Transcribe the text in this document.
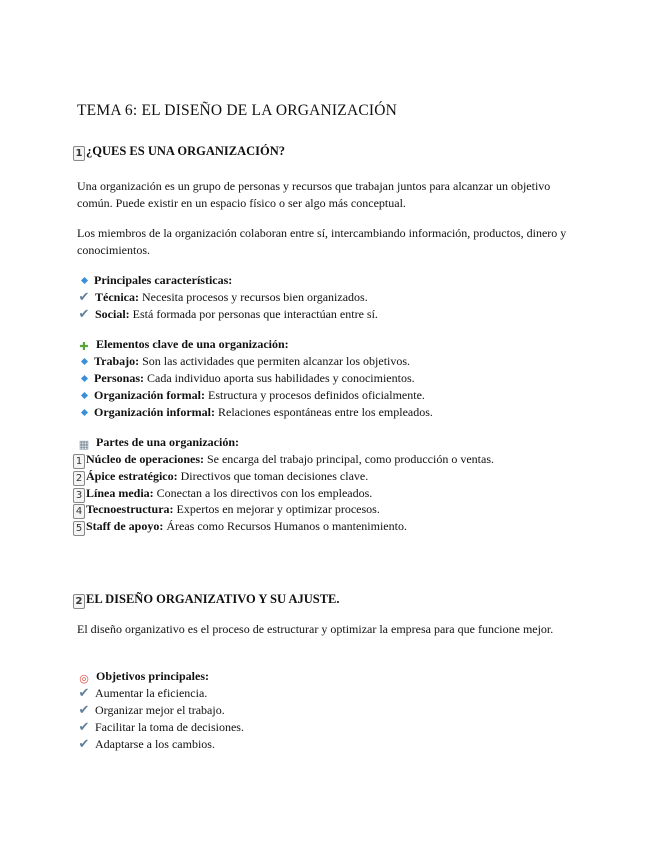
TEMA 6: EL DISEÑO DE LA ORGANIZACIÓN
1 ¿QUES ES UNA ORGANIZACIÓN?
Una organización es un grupo de personas y recursos que trabajan juntos para alcanzar un objetivo común. Puede existir en un espacio físico o ser algo más conceptual.
Los miembros de la organización colaboran entre sí, intercambiando información, productos, dinero y conocimientos.
Principales características:
✔ Técnica: Necesita procesos y recursos bien organizados.
✔ Social: Está formada por personas que interactúan entre sí.
✚ Elementos clave de una organización:
Trabajo: Son las actividades que permiten alcanzar los objetivos.
Personas: Cada individuo aporta sus habilidades y conocimientos.
Organización formal: Estructura y procesos definidos oficialmente.
Organización informal: Relaciones espontáneas entre los empleados.
▦ Partes de una organización:
1 Núcleo de operaciones: Se encarga del trabajo principal, como producción o ventas.
2 Ápice estratégico: Directivos que toman decisiones clave.
3 Línea media: Conectan a los directivos con los empleados.
4 Tecnoestructura: Expertos en mejorar y optimizar procesos.
5 Staff de apoyo: Áreas como Recursos Humanos o mantenimiento.
2 EL DISEÑO ORGANIZATIVO Y SU AJUSTE.
El diseño organizativo es el proceso de estructurar y optimizar la empresa para que funcione mejor.
◎ Objetivos principales:
✔ Aumentar la eficiencia.
✔ Organizar mejor el trabajo.
✔ Facilitar la toma de decisiones.
✔ Adaptarse a los cambios.
